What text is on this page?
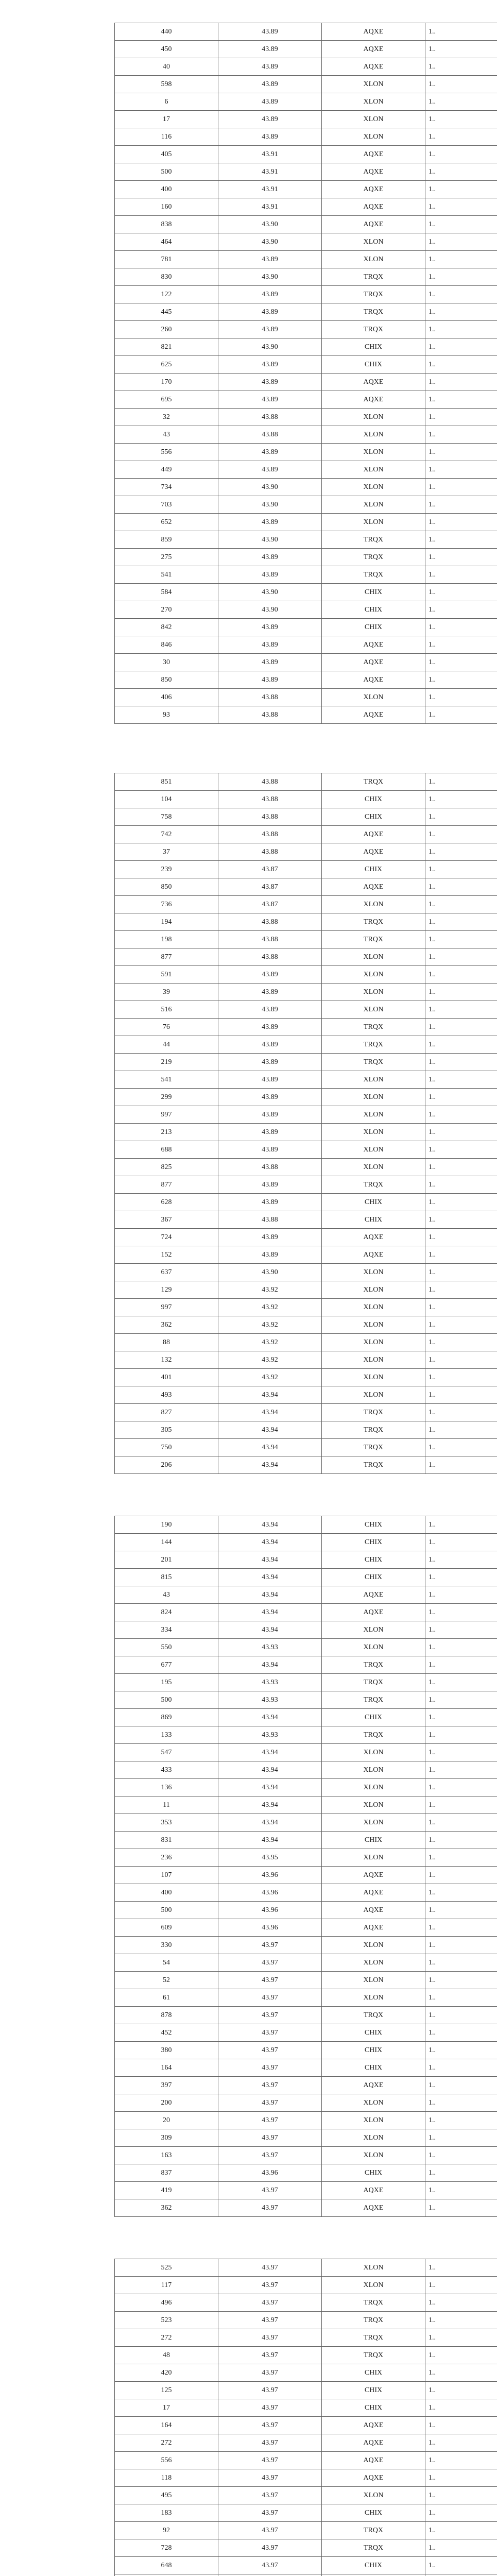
440	43.89	AQXE	1..
450	43.89	AQXE	1..
40	43.89	AQXE	1..
598	43.89	XLON	1..
6	43.89	XLON	1..
17	43.89	XLON	1..
116	43.89	XLON	1..
405	43.91	AQXE	1..
500	43.91	AQXE	1..
400	43.91	AQXE	1..
160	43.91	AQXE	1..
838	43.90	AQXE	1..
464	43.90	XLON	1..
781	43.89	XLON	1..
830	43.90	TRQX	1..
122	43.89	TRQX	1..
445	43.89	TRQX	1..
260	43.89	TRQX	1..
821	43.90	CHIX	1..
625	43.89	CHIX	1..
170	43.89	AQXE	1..
695	43.89	AQXE	1..
32	43.88	XLON	1..
43	43.88	XLON	1..
556	43.89	XLON	1..
449	43.89	XLON	1..
734	43.90	XLON	1..
703	43.90	XLON	1..
652	43.89	XLON	1..
859	43.90	TRQX	1..
275	43.89	TRQX	1..
541	43.89	TRQX	1..
584	43.90	CHIX	1..
270	43.90	CHIX	1..
842	43.89	CHIX	1..
846	43.89	AQXE	1..
30	43.89	AQXE	1..
850	43.89	AQXE	1..
406	43.88	XLON	1..
93	43.88	AQXE	1..
851	43.88	TRQX	1..
104	43.88	CHIX	1..
758	43.88	CHIX	1..
742	43.88	AQXE	1..
37	43.88	AQXE	1..
239	43.87	CHIX	1..
850	43.87	AQXE	1..
736	43.87	XLON	1..
194	43.88	TRQX	1..
198	43.88	TRQX	1..
877	43.88	XLON	1..
591	43.89	XLON	1..
39	43.89	XLON	1..
516	43.89	XLON	1..
76	43.89	TRQX	1..
44	43.89	TRQX	1..
219	43.89	TRQX	1..
541	43.89	XLON	1..
299	43.89	XLON	1..
997	43.89	XLON	1..
213	43.89	XLON	1..
688	43.89	XLON	1..
825	43.88	XLON	1..
877	43.89	TRQX	1..
628	43.89	CHIX	1..
367	43.88	CHIX	1..
724	43.89	AQXE	1..
152	43.89	AQXE	1..
637	43.90	XLON	1..
129	43.92	XLON	1..
997	43.92	XLON	1..
362	43.92	XLON	1..
88	43.92	XLON	1..
132	43.92	XLON	1..
401	43.92	XLON	1..
493	43.94	XLON	1..
827	43.94	TRQX	1..
305	43.94	TRQX	1..
750	43.94	TRQX	1..
206	43.94	TRQX	1..
190	43.94	CHIX	1..
144	43.94	CHIX	1..
201	43.94	CHIX	1..
815	43.94	CHIX	1..
43	43.94	AQXE	1..
824	43.94	AQXE	1..
334	43.94	XLON	1..
550	43.93	XLON	1..
677	43.94	TRQX	1..
195	43.93	TRQX	1..
500	43.93	TRQX	1..
869	43.94	CHIX	1..
133	43.93	TRQX	1..
547	43.94	XLON	1..
433	43.94	XLON	1..
136	43.94	XLON	1..
11	43.94	XLON	1..
353	43.94	XLON	1..
831	43.94	CHIX	1..
236	43.95	XLON	1..
107	43.96	AQXE	1..
400	43.96	AQXE	1..
500	43.96	AQXE	1..
609	43.96	AQXE	1..
330	43.97	XLON	1..
54	43.97	XLON	1..
52	43.97	XLON	1..
61	43.97	XLON	1..
878	43.97	TRQX	1..
452	43.97	CHIX	1..
380	43.97	CHIX	1..
164	43.97	CHIX	1..
397	43.97	AQXE	1..
200	43.97	XLON	1..
20	43.97	XLON	1..
309	43.97	XLON	1..
163	43.97	XLON	1..
837	43.96	CHIX	1..
419	43.97	AQXE	1..
362	43.97	AQXE	1..
525	43.97	XLON	1..
117	43.97	XLON	1..
496	43.97	TRQX	1..
523	43.97	TRQX	1..
272	43.97	TRQX	1..
48	43.97	TRQX	1..
420	43.97	CHIX	1..
125	43.97	CHIX	1..
17	43.97	CHIX	1..
164	43.97	AQXE	1..
272	43.97	AQXE	1..
556	43.97	AQXE	1..
118	43.97	AQXE	1..
495	43.97	XLON	1..
183	43.97	CHIX	1..
92	43.97	TRQX	1..
728	43.97	TRQX	1..
648	43.97	CHIX	1..
